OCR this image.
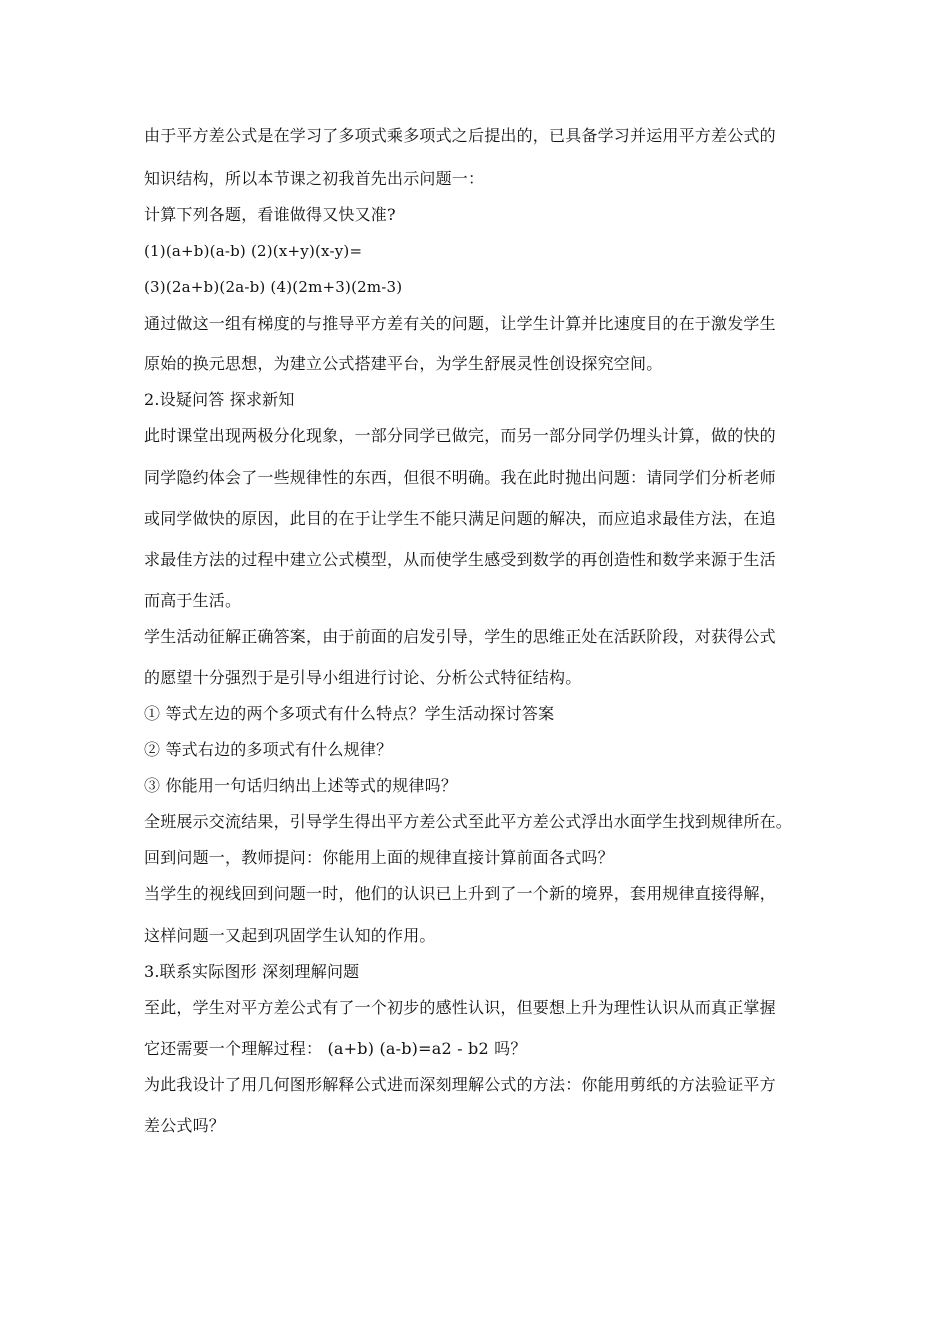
由于平方差公式是在学习了多项式乘多项式之后提出的，已具备学习并运用平方差公式的
知识结构，所以本节课之初我首先出示问题一：
计算下列各题，看谁做得又快又准?
(1)(a+b)(a-b) (2)(x+y)(x-y)=
(3)(2a+b)(2a-b) (4)(2m+3)(2m-3)
通过做这一组有梯度的与推导平方差有关的问题，让学生计算并比速度目的在于激发学生
原始的换元思想，为建立公式搭建平台，为学生舒展灵性创设探究空间。
2.设疑问答 探求新知
此时课堂出现两极分化现象，一部分同学已做完，而另一部分同学仍埋头计算，做的快的
同学隐约体会了一些规律性的东西，但很不明确。我在此时抛出问题：请同学们分析老师
或同学做快的原因，此目的在于让学生不能只满足问题的解决，而应追求最佳方法，在追
求最佳方法的过程中建立公式模型，从而使学生感受到数学的再创造性和数学来源于生活
而高于生活。
学生活动征解正确答案，由于前面的启发引导，学生的思维正处在活跃阶段，对获得公式
的愿望十分强烈于是引导小组进行讨论、分析公式特征结构。
① 等式左边的两个多项式有什么特点？学生活动探讨答案
② 等式右边的多项式有什么规律？
③ 你能用一句话归纳出上述等式的规律吗？
全班展示交流结果，引导学生得出平方差公式至此平方差公式浮出水面学生找到规律所在。
回到问题一，教师提问：你能用上面的规律直接计算前面各式吗？
当学生的视线回到问题一时，他们的认识已上升到了一个新的境界，套用规律直接得解，
这样问题一又起到巩固学生认知的作用。
3.联系实际图形 深刻理解问题
至此，学生对平方差公式有了一个初步的感性认识，但要想上升为理性认识从而真正掌握
它还需要一个理解过程： (a+b) (a-b)=a2 - b2 吗？
为此我设计了用几何图形解释公式进而深刻理解公式的方法：你能用剪纸的方法验证平方
差公式吗？
